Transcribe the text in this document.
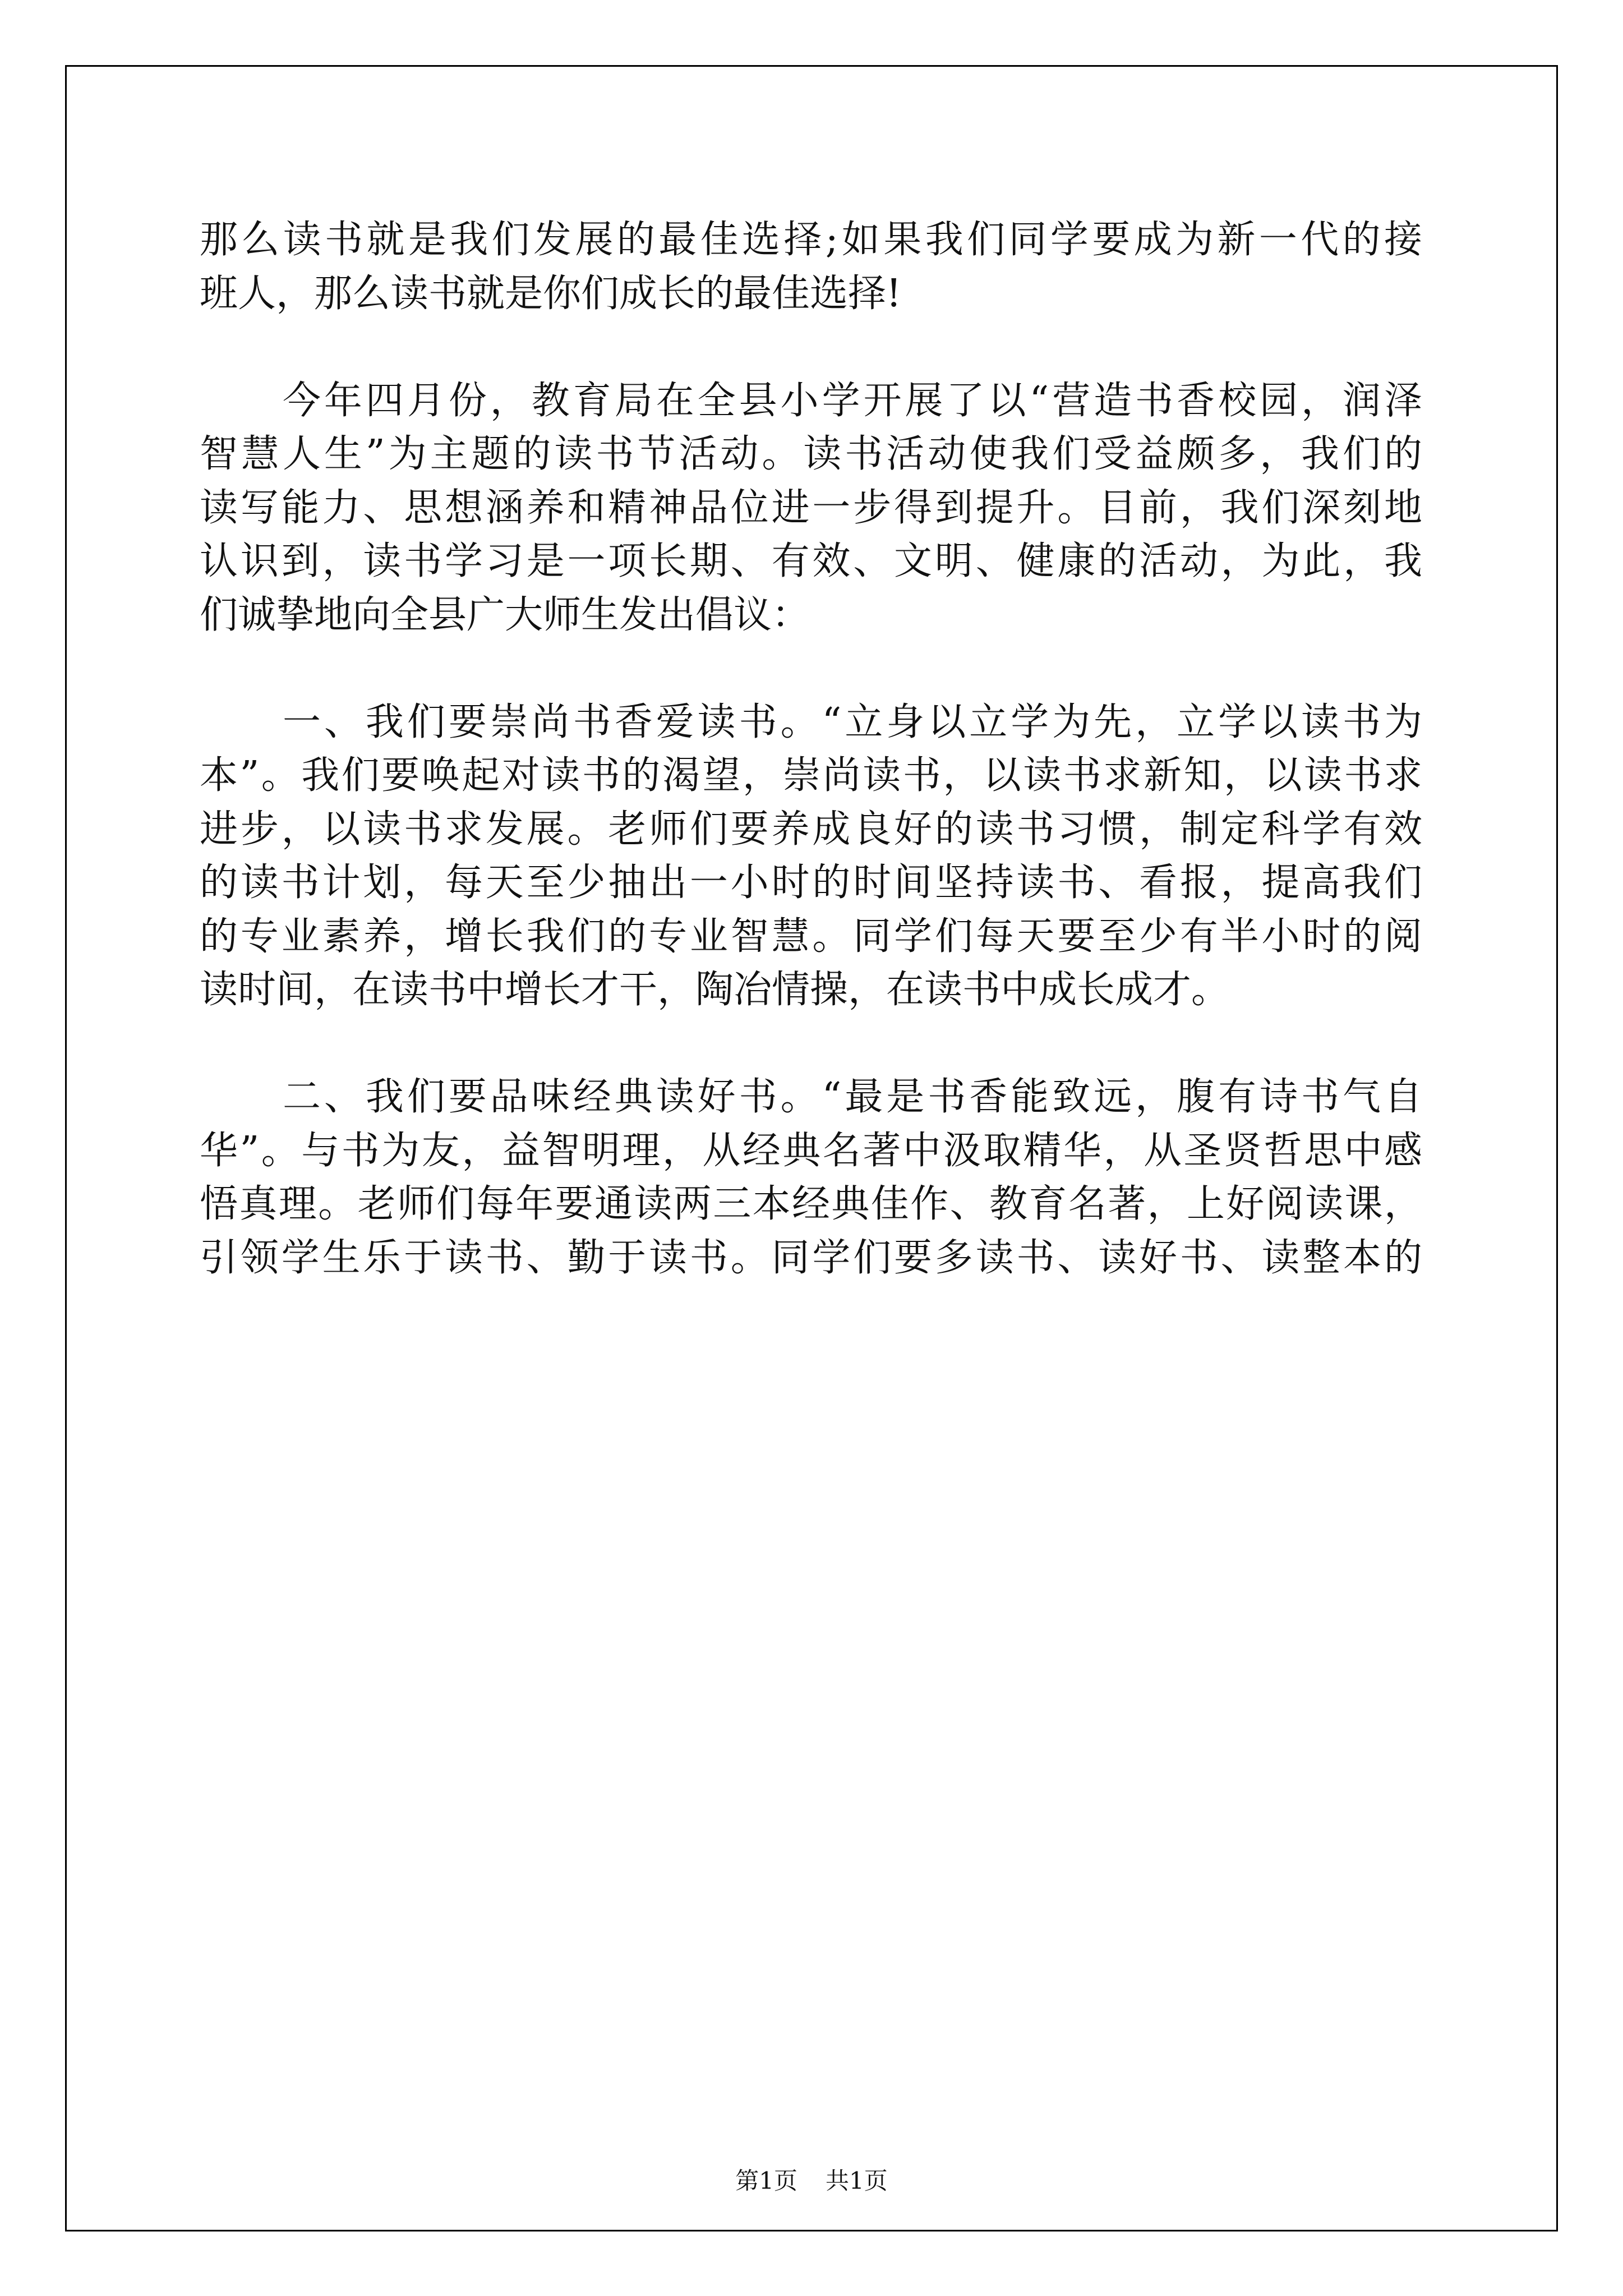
那么读书就是我们发展的最佳选择;如果我们同学要成为新一代的接
班人，那么读书就是你们成长的最佳选择!
　　今年四月份，教育局在全县小学开展了以“营造书香校园，润泽
智慧人生”为主题的读书节活动。读书活动使我们受益颇多，我们的
读写能力、思想涵养和精神品位进一步得到提升。目前，我们深刻地
认识到，读书学习是一项长期、有效、文明、健康的活动，为此，我
们诚挚地向全县广大师生发出倡议：
　　一、我们要崇尚书香爱读书。“立身以立学为先，立学以读书为
本”。我们要唤起对读书的渴望，崇尚读书，以读书求新知，以读书求
进步，以读书求发展。老师们要养成良好的读书习惯，制定科学有效
的读书计划，每天至少抽出一小时的时间坚持读书、看报，提高我们
的专业素养，增长我们的专业智慧。同学们每天要至少有半小时的阅
读时间，在读书中增长才干，陶冶情操，在读书中成长成才。
　　二、我们要品味经典读好书。“最是书香能致远，腹有诗书气自
华”。与书为友，益智明理，从经典名著中汲取精华，从圣贤哲思中感
悟真理。老师们每年要通读两三本经典佳作、教育名著，上好阅读课，
引领学生乐于读书、勤于读书。同学们要多读书、读好书、读整本的
第1页 共1页
